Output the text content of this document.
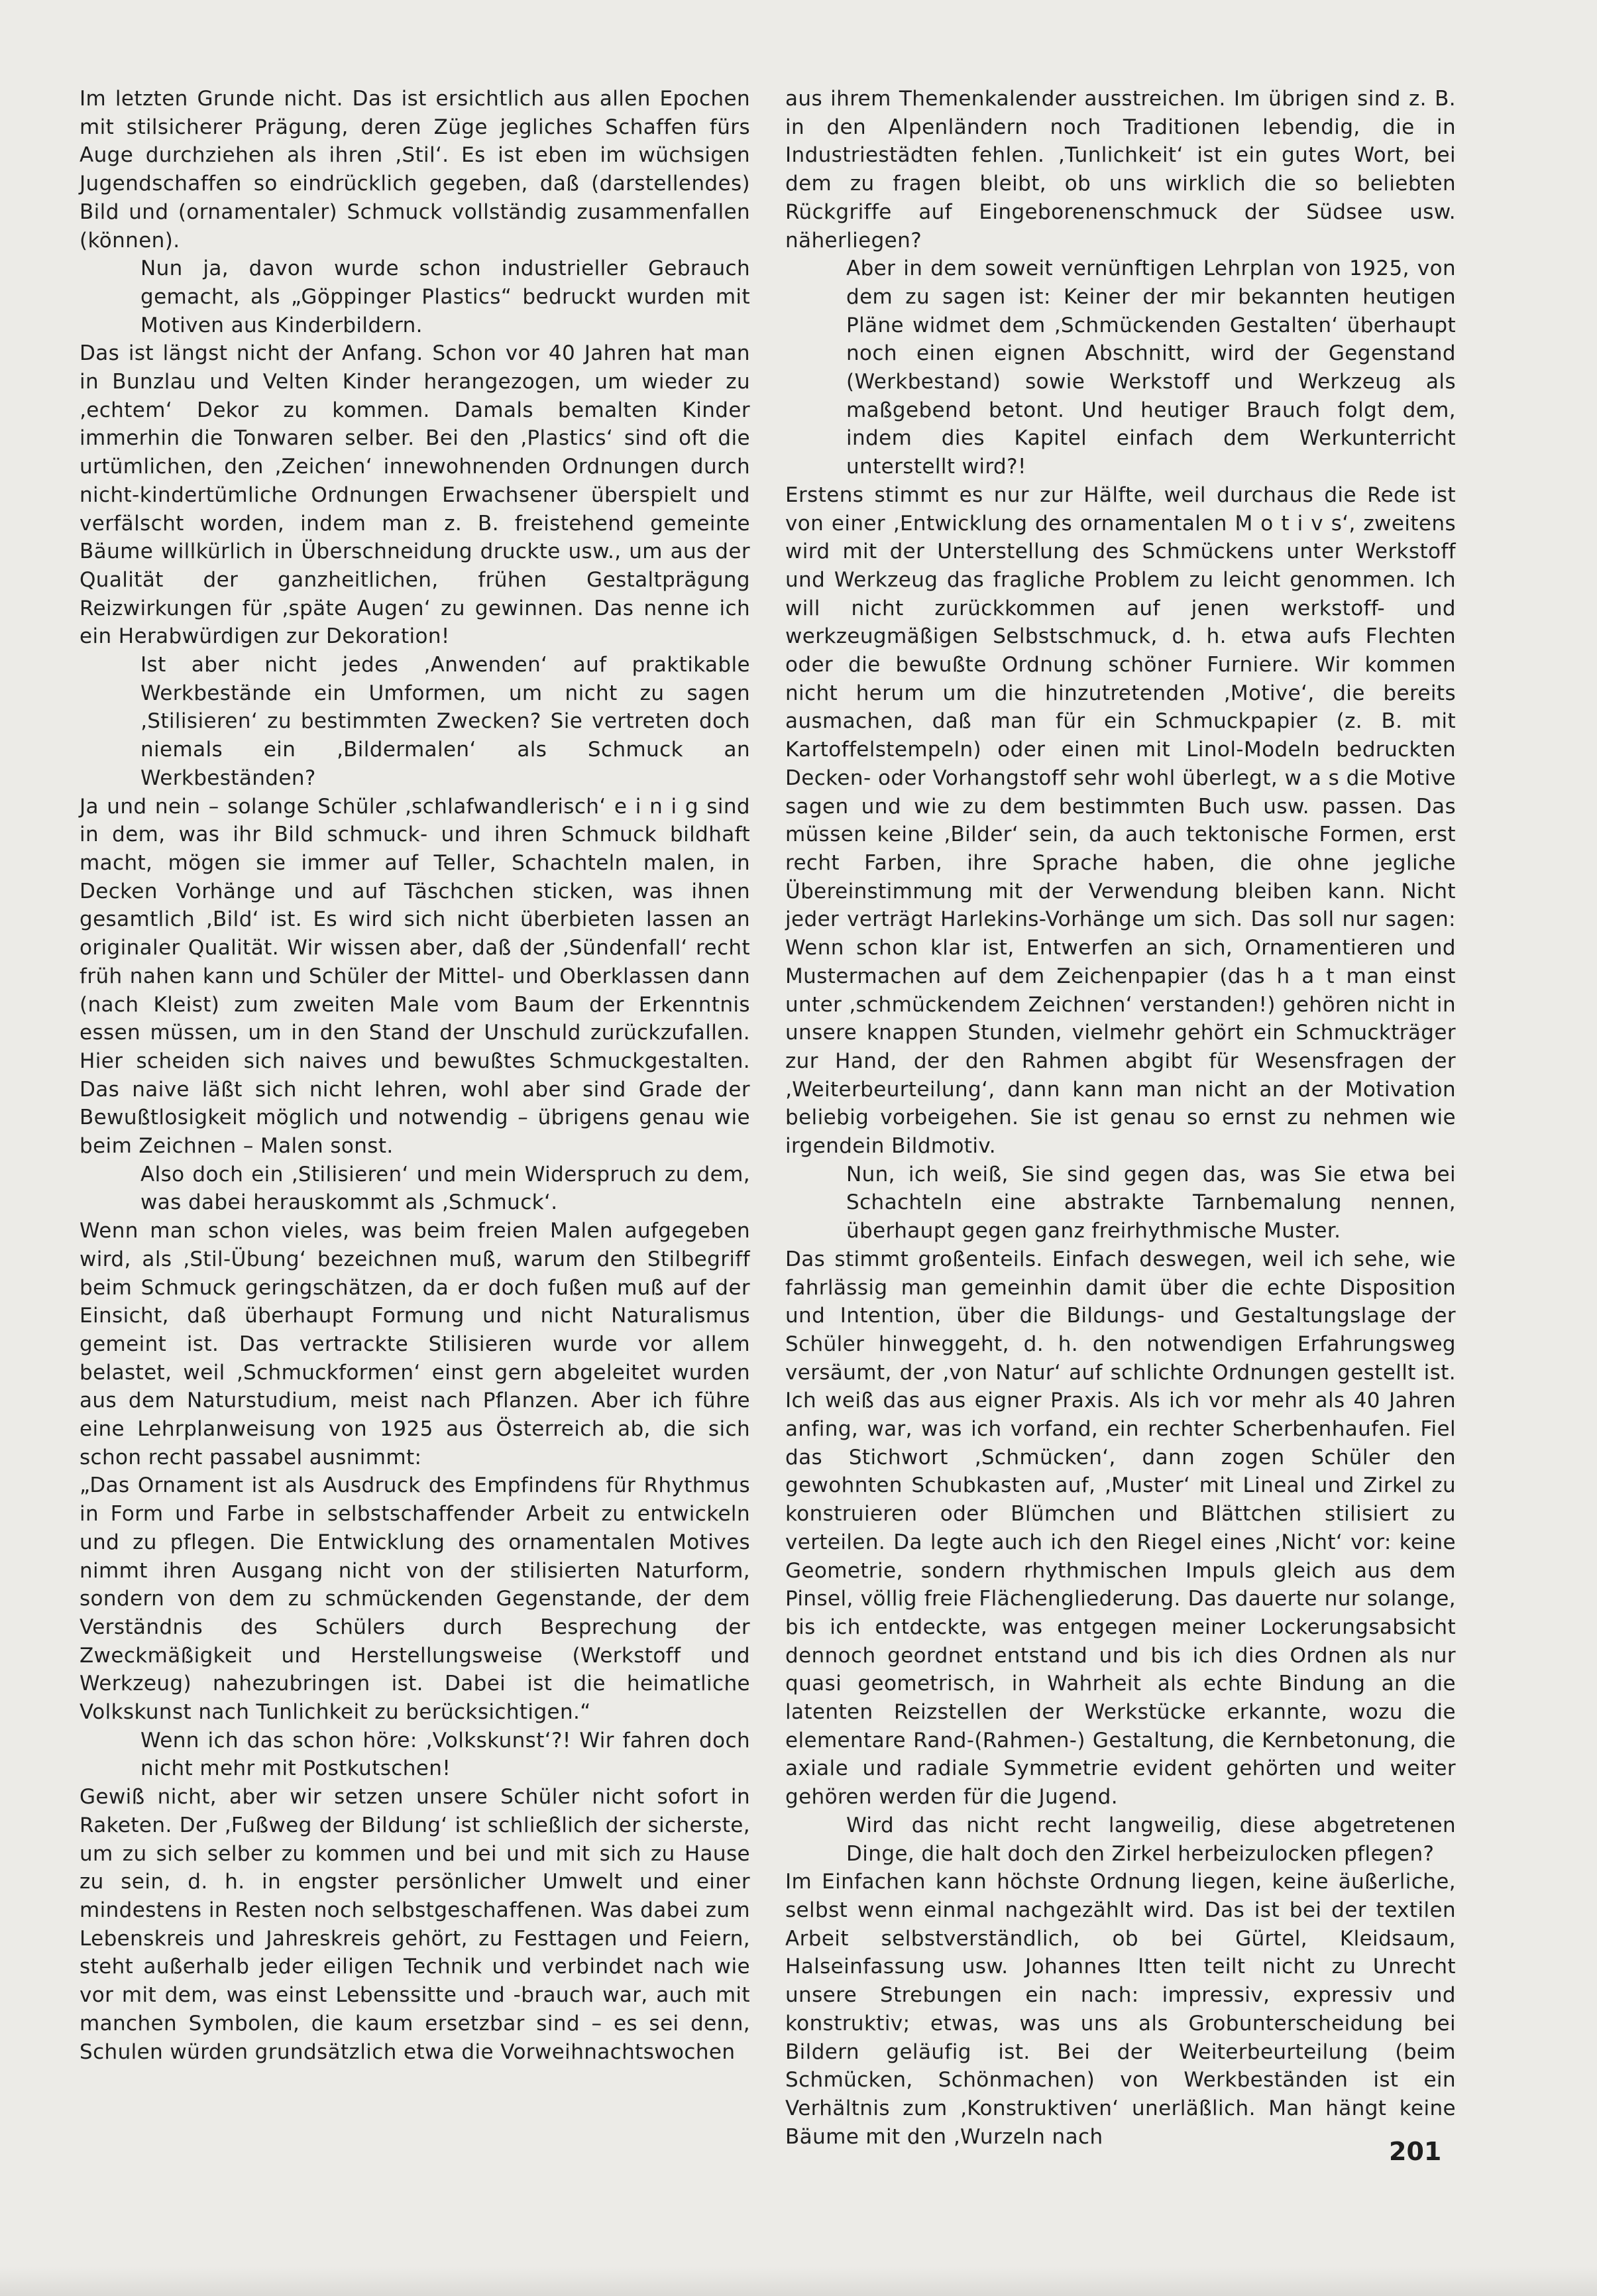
Im letzten Grunde nicht. Das ist ersichtlich aus allen Epochen mit stilsicherer Prägung, deren Züge jegliches Schaffen fürs Auge durchziehen als ihren ‚Stil‘. Es ist eben im wüchsigen Jugendschaffen so eindrücklich gegeben, daß (darstellendes) Bild und (ornamentaler) Schmuck vollständig zusammenfallen (können).

Nun ja, davon wurde schon industrieller Gebrauch gemacht, als „Göppinger Plastics“ bedruckt wurden mit Motiven aus Kinderbildern.

Das ist längst nicht der Anfang. Schon vor 40 Jahren hat man in Bunzlau und Velten Kinder herangezogen, um wieder zu ‚echtem‘ Dekor zu kommen. Damals bemalten Kinder immerhin die Tonwaren selber. Bei den ‚Plastics‘ sind oft die urtümlichen, den ‚Zeichen‘ innewohnenden Ordnungen durch nicht-kindertümliche Ordnungen Erwachsener überspielt und verfälscht worden, indem man z. B. freistehend gemeinte Bäume willkürlich in Überschneidung druckte usw., um aus der Qualität der ganzheitlichen, frühen Gestaltprägung Reizwirkungen für ‚späte Augen‘ zu gewinnen. Das nenne ich ein Herabwürdigen zur Dekoration!

Ist aber nicht jedes ‚Anwenden‘ auf praktikable Werkbestände ein Umformen, um nicht zu sagen ‚Stilisieren‘ zu bestimmten Zwecken? Sie vertreten doch niemals ein ‚Bildermalen‘ als Schmuck an Werkbeständen?

Ja und nein – solange Schüler ‚schlafwandlerisch‘ e i n i g sind in dem, was ihr Bild schmuck- und ihren Schmuck bildhaft macht, mögen sie immer auf Teller, Schachteln malen, in Decken Vorhänge und auf Täschchen sticken, was ihnen gesamtlich ‚Bild‘ ist. Es wird sich nicht überbieten lassen an originaler Qualität. Wir wissen aber, daß der ‚Sündenfall‘ recht früh nahen kann und Schüler der Mittel- und Oberklassen dann (nach Kleist) zum zweiten Male vom Baum der Erkenntnis essen müssen, um in den Stand der Unschuld zurückzufallen. Hier scheiden sich naives und bewußtes Schmuckgestalten. Das naive läßt sich nicht lehren, wohl aber sind Grade der Bewußtlosigkeit möglich und notwendig – übrigens genau wie beim Zeichnen – Malen sonst.

Also doch ein ‚Stilisieren‘ und mein Widerspruch zu dem, was dabei herauskommt als ‚Schmuck‘.

Wenn man schon vieles, was beim freien Malen aufgegeben wird, als ‚Stil-Übung‘ bezeichnen muß, warum den Stilbegriff beim Schmuck geringschätzen, da er doch fußen muß auf der Einsicht, daß überhaupt Formung und nicht Naturalismus gemeint ist. Das vertrackte Stilisieren wurde vor allem belastet, weil ‚Schmuckformen‘ einst gern abgeleitet wurden aus dem Naturstudium, meist nach Pflanzen. Aber ich führe eine Lehrplanweisung von 1925 aus Österreich ab, die sich schon recht passabel ausnimmt:

„Das Ornament ist als Ausdruck des Empfindens für Rhythmus in Form und Farbe in selbstschaffender Arbeit zu entwickeln und zu pflegen. Die Entwicklung des ornamentalen Motives nimmt ihren Ausgang nicht von der stilisierten Naturform, sondern von dem zu schmückenden Gegenstande, der dem Verständnis des Schülers durch Besprechung der Zweckmäßigkeit und Herstellungsweise (Werkstoff und Werkzeug) nahezubringen ist. Dabei ist die heimatliche Volkskunst nach Tunlichkeit zu berücksichtigen.“

Wenn ich das schon höre: ‚Volkskunst‘?! Wir fahren doch nicht mehr mit Postkutschen!

Gewiß nicht, aber wir setzen unsere Schüler nicht sofort in Raketen. Der ‚Fußweg der Bildung‘ ist schließlich der sicherste, um zu sich selber zu kommen und bei und mit sich zu Hause zu sein, d. h. in engster persönlicher Umwelt und einer mindestens in Resten noch selbstgeschaffenen. Was dabei zum Lebenskreis und Jahreskreis gehört, zu Festtagen und Feiern, steht außerhalb jeder eiligen Technik und verbindet nach wie vor mit dem, was einst Lebenssitte und -brauch war, auch mit manchen Symbolen, die kaum ersetzbar sind – es sei denn, Schulen würden grundsätzlich etwa die Vorweihnachtswochen

aus ihrem Themenkalender ausstreichen. Im übrigen sind z. B. in den Alpenländern noch Traditionen lebendig, die in Industriestädten fehlen. ‚Tunlichkeit‘ ist ein gutes Wort, bei dem zu fragen bleibt, ob uns wirklich die so beliebten Rückgriffe auf Eingeborenenschmuck der Südsee usw. näherliegen?

Aber in dem soweit vernünftigen Lehrplan von 1925, von dem zu sagen ist: Keiner der mir bekannten heutigen Pläne widmet dem ‚Schmückenden Gestalten‘ überhaupt noch einen eignen Abschnitt, wird der Gegenstand (Werkbestand) sowie Werkstoff und Werkzeug als maßgebend betont. Und heutiger Brauch folgt dem, indem dies Kapitel einfach dem Werkunterricht unterstellt wird?!

Erstens stimmt es nur zur Hälfte, weil durchaus die Rede ist von einer ‚Entwicklung des ornamentalen M o t i v s‘, zweitens wird mit der Unterstellung des Schmückens unter Werkstoff und Werkzeug das fragliche Problem zu leicht genommen. Ich will nicht zurückkommen auf jenen werkstoff- und werkzeugmäßigen Selbstschmuck, d. h. etwa aufs Flechten oder die bewußte Ordnung schöner Furniere. Wir kommen nicht herum um die hinzutretenden ‚Motive‘, die bereits ausmachen, daß man für ein Schmuckpapier (z. B. mit Kartoffelstempeln) oder einen mit Linol-Modeln bedruckten Decken- oder Vorhangstoff sehr wohl überlegt, w a s die Motive sagen und wie zu dem bestimmten Buch usw. passen. Das müssen keine ‚Bilder‘ sein, da auch tektonische Formen, erst recht Farben, ihre Sprache haben, die ohne jegliche Übereinstimmung mit der Verwendung bleiben kann. Nicht jeder verträgt Harlekins-Vorhänge um sich. Das soll nur sagen: Wenn schon klar ist, Entwerfen an sich, Ornamentieren und Mustermachen auf dem Zeichenpapier (das h a t man einst unter ‚schmückendem Zeichnen‘ verstanden!) gehören nicht in unsere knappen Stunden, vielmehr gehört ein Schmuckträger zur Hand, der den Rahmen abgibt für Wesensfragen der ‚Weiterbeurteilung‘, dann kann man nicht an der Motivation beliebig vorbeigehen. Sie ist genau so ernst zu nehmen wie irgendein Bildmotiv.

Nun, ich weiß, Sie sind gegen das, was Sie etwa bei Schachteln eine abstrakte Tarnbemalung nennen, überhaupt gegen ganz freirhythmische Muster.

Das stimmt großenteils. Einfach deswegen, weil ich sehe, wie fahrlässig man gemeinhin damit über die echte Disposition und Intention, über die Bildungs- und Gestaltungslage der Schüler hinweggeht, d. h. den notwendigen Erfahrungsweg versäumt, der ‚von Natur‘ auf schlichte Ordnungen gestellt ist. Ich weiß das aus eigner Praxis. Als ich vor mehr als 40 Jahren anfing, war, was ich vorfand, ein rechter Scherbenhaufen. Fiel das Stichwort ‚Schmücken‘, dann zogen Schüler den gewohnten Schubkasten auf, ‚Muster‘ mit Lineal und Zirkel zu konstruieren oder Blümchen und Blättchen stilisiert zu verteilen. Da legte auch ich den Riegel eines ‚Nicht‘ vor: keine Geometrie, sondern rhythmischen Impuls gleich aus dem Pinsel, völlig freie Flächengliederung. Das dauerte nur solange, bis ich entdeckte, was entgegen meiner Lockerungsabsicht dennoch geordnet entstand und bis ich dies Ordnen als nur quasi geometrisch, in Wahrheit als echte Bindung an die latenten Reizstellen der Werkstücke erkannte, wozu die elementare Rand-(Rahmen-) Gestaltung, die Kernbetonung, die axiale und radiale Symmetrie evident gehörten und weiter gehören werden für die Jugend.

Wird das nicht recht langweilig, diese abgetretenen Dinge, die halt doch den Zirkel herbeizulocken pflegen?

Im Einfachen kann höchste Ordnung liegen, keine äußerliche, selbst wenn einmal nachgezählt wird. Das ist bei der textilen Arbeit selbstverständlich, ob bei Gürtel, Kleidsaum, Halseinfassung usw. Johannes Itten teilt nicht zu Unrecht unsere Strebungen ein nach: impressiv, expressiv und konstruktiv; etwas, was uns als Grobunterscheidung bei Bildern geläufig ist. Bei der Weiterbeurteilung (beim Schmücken, Schönmachen) von Werkbeständen ist ein Verhältnis zum ‚Konstruktiven‘ unerläßlich. Man hängt keine Bäume mit den ‚Wurzeln nach

201
